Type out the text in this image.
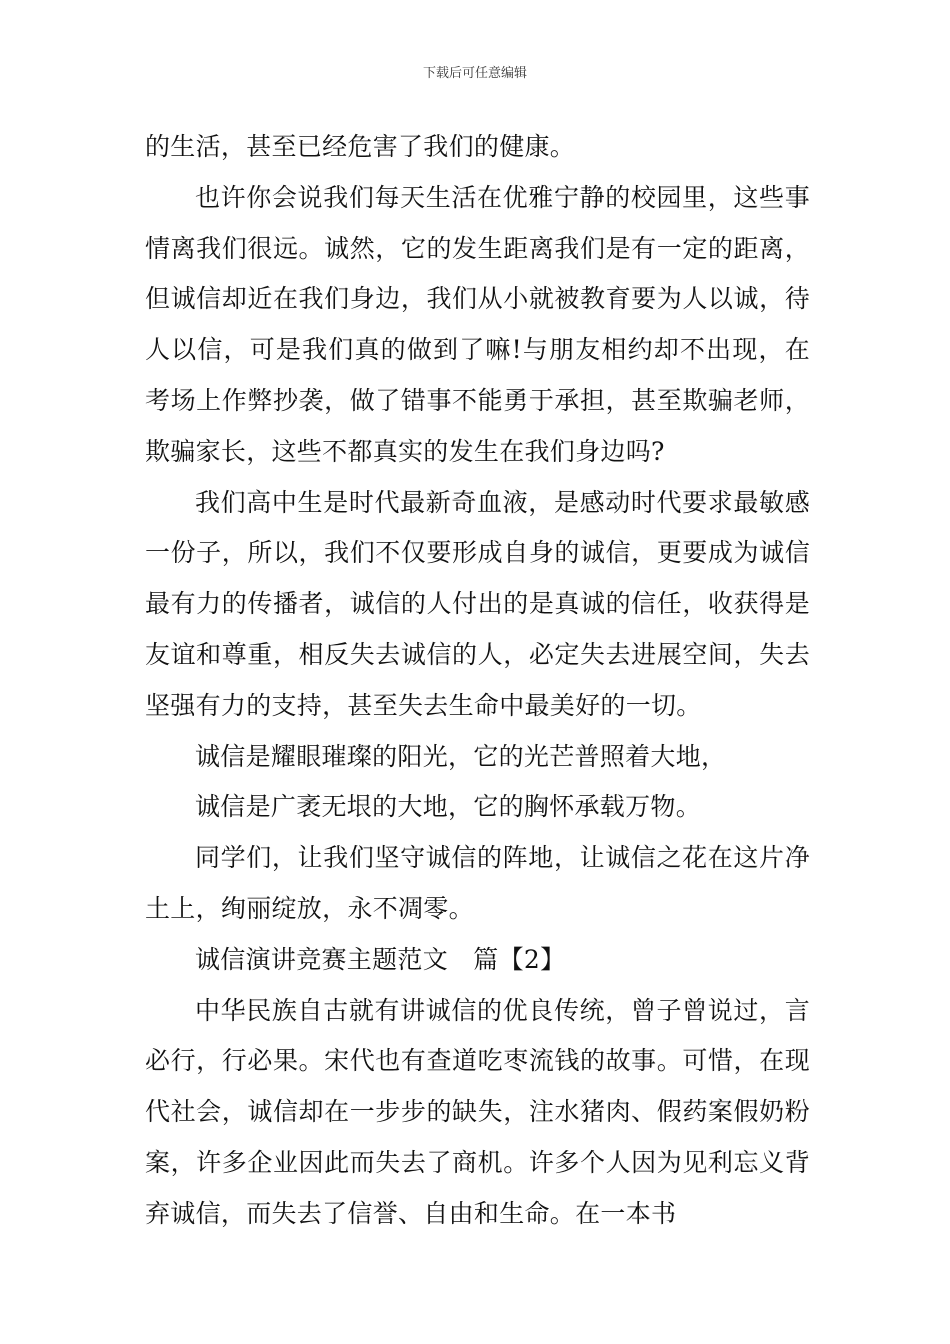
下载后可任意编辑

的生活，甚至已经危害了我们的健康。

也许你会说我们每天生活在优雅宁静的校园里，这些事情离我们很远。诚然，它的发生距离我们是有一定的距离，但诚信却近在我们身边，我们从小就被教育要为人以诚，待人以信，可是我们真的做到了嘛!与朋友相约却不出现，在考场上作弊抄袭，做了错事不能勇于承担，甚至欺骗老师，欺骗家长，这些不都真实的发生在我们身边吗?

我们高中生是时代最新奇血液，是感动时代要求最敏感一份子，所以，我们不仅要形成自身的诚信，更要成为诚信最有力的传播者，诚信的人付出的是真诚的信任，收获得是友谊和尊重，相反失去诚信的人，必定失去进展空间，失去坚强有力的支持，甚至失去生命中最美好的一切。

诚信是耀眼璀璨的阳光，它的光芒普照着大地，

诚信是广袤无垠的大地，它的胸怀承载万物。

同学们，让我们坚守诚信的阵地，让诚信之花在这片净土上，绚丽绽放，永不凋零。

诚信演讲竞赛主题范文　篇【2】

中华民族自古就有讲诚信的优良传统，曾子曾说过，言必行，行必果。宋代也有查道吃枣流钱的故事。可惜，在现代社会，诚信却在一步步的缺失，注水猪肉、假药案假奶粉案，许多企业因此而失去了商机。许多个人因为见利忘义背弃诚信，而失去了信誉、自由和生命。在一本书
